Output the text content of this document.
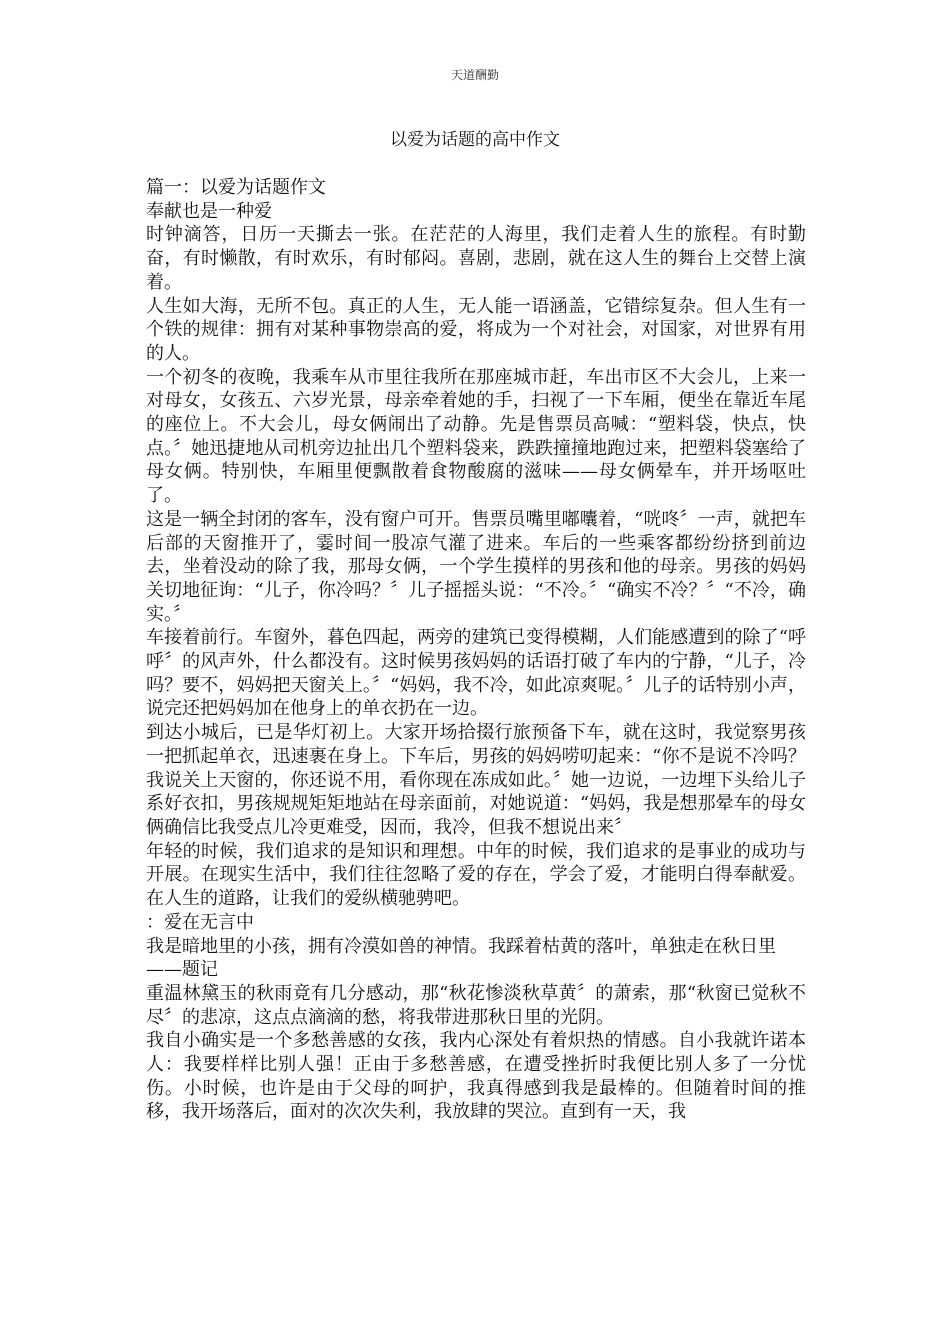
天道酬勤
以爱为话题的高中作文

篇一：以爱为话题作文

奉献也是一种爱

时钟滴答，日历一天撕去一张。在茫茫的人海里，我们走着人生的旅程。有时勤奋，有时懒散，有时欢乐，有时郁闷。喜剧，悲剧，就在这人生的舞台上交替上演着。

人生如大海，无所不包。真正的人生，无人能一语涵盖，它错综复杂。但人生有一个铁的规律：拥有对某种事物崇高的爱，将成为一个对社会，对国家，对世界有用的人。

一个初冬的夜晚，我乘车从市里往我所在那座城市赶，车出市区不大会儿，上来一对母女，女孩五、六岁光景，母亲牵着她的手，扫视了一下车厢，便坐在靠近车尾的座位上。不大会儿，母女俩闹出了动静。先是售票员高喊：“塑料袋，快点，快点。〞她迅捷地从司机旁边扯出几个塑料袋来，跌跌撞撞地跑过来，把塑料袋塞给了母女俩。特别快，车厢里便飘散着食物酸腐的滋味——母女俩晕车，并开场呕吐了。

这是一辆全封闭的客车，没有窗户可开。售票员嘴里嘟囔着，“咣咚〞一声，就把车后部的天窗推开了，霎时间一股凉气灌了进来。车后的一些乘客都纷纷挤到前边去，坐着没动的除了我，那母女俩，一个学生摸样的男孩和他的母亲。男孩的妈妈关切地征询：“儿子，你冷吗？〞儿子摇摇头说：“不冷。〞“确实不冷？〞“不冷，确实。〞

车接着前行。车窗外，暮色四起，两旁的建筑已变得模糊，人们能感遭到的除了“呼呼〞的风声外，什么都没有。这时候男孩妈妈的话语打破了车内的宁静，“儿子，冷吗？要不，妈妈把天窗关上。〞“妈妈，我不冷，如此凉爽呢。〞儿子的话特别小声，说完还把妈妈加在他身上的单衣扔在一边。

到达小城后，已是华灯初上。大家开场拾掇行旅预备下车，就在这时，我觉察男孩一把抓起单衣，迅速裹在身上。下车后，男孩的妈妈唠叨起来：“你不是说不冷吗？我说关上天窗的，你还说不用，看你现在冻成如此。〞她一边说，一边埋下头给儿子系好衣扣，男孩规规矩矩地站在母亲面前，对她说道：“妈妈，我是想那晕车的母女俩确信比我受点儿冷更难受，因而，我冷，但我不想说出来〞

年轻的时候，我们追求的是知识和理想。中年的时候，我们追求的是事业的成功与开展。在现实生活中，我们往往忽略了爱的存在，学会了爱，才能明白得奉献爱。在人生的道路，让我们的爱纵横驰骋吧。

：爱在无言中

我是暗地里的小孩，拥有冷漠如兽的神情。我踩着枯黄的落叶，单独走在秋日里

——题记

重温林黛玉的秋雨竟有几分感动，那“秋花惨淡秋草黄〞的萧索，那“秋窗已觉秋不尽〞的悲凉，这点点滴滴的愁，将我带进那秋日里的光阴。

我自小确实是一个多愁善感的女孩，我内心深处有着炽热的情感。自小我就许诺本人：我要样样比别人强！正由于多愁善感，在遭受挫折时我便比别人多了一分忧伤。小时候，也许是由于父母的呵护，我真得感到我是最棒的。但随着时间的推移，我开场落后，面对的次次失利，我放肆的哭泣。直到有一天，我
